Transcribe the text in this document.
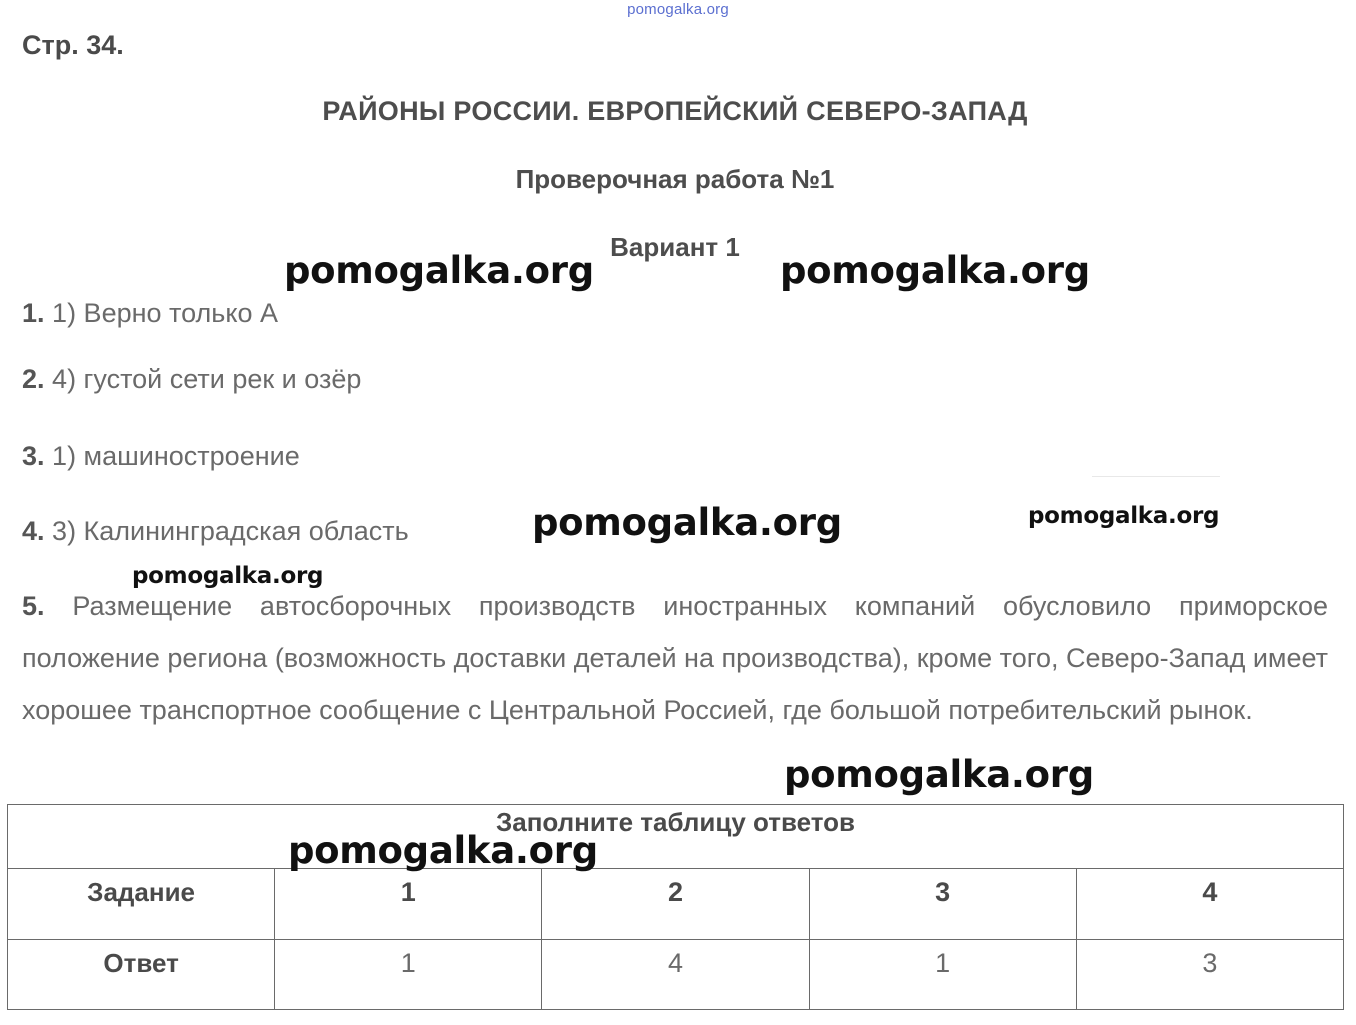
pomogalka.org
Стр. 34.
РАЙОНЫ РОССИИ. ЕВРОПЕЙСКИЙ СЕВЕРО-ЗАПАД
Проверочная работа №1
Вариант 1
1. 1) Верно только А
2. 4) густой сети рек и озёр
3. 1) машиностроение
4. 3) Калининградская область
5. Размещение автосборочных производств иностранных компаний обусловило приморское положение региона (возможность доставки деталей на производства), кроме того, Северо-Запад имеет хорошее транспортное сообщение с Центральной Россией, где большой потребительский рынок.
Заполните таблицу ответов				
Задание	1	2	3	4
Ответ	1	4	1	3
pomogalka.org	pomogalka.org
pomogalka.org	pomogalka.org
pomogalka.org
pomogalka.org
pomogalka.org
